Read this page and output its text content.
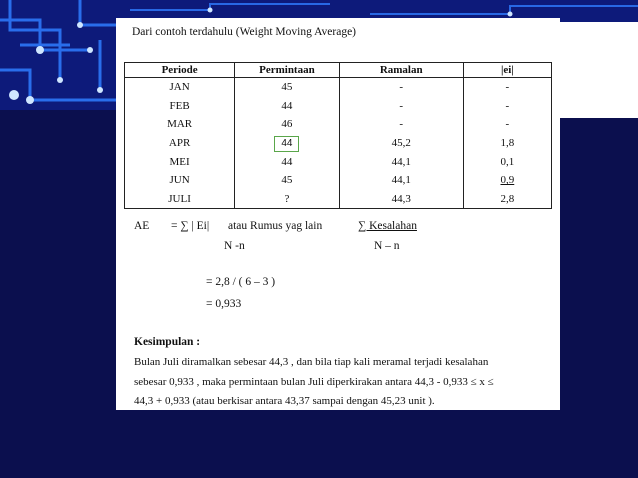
Dari contoh terdahulu (Weight Moving Average)
Periode	Permintaan	Ramalan	|ei|
JAN	45	-	-
FEB	44	-	-
MAR	46	-	-
APR	44	45,2	1,8
MEI	44	44,1	0,1
JUN	45	44,1	0,9
JULI	?	44,3	2,8
AE = ∑ | Ei| atau Rumus yag lain	∑ Kesalahan
N -n	N – n
= 2,8 / ( 6 – 3 )
= 0,933
Kesimpulan :
Bulan Juli diramalkan sebesar 44,3 , dan bila tiap kali meramal terjadi kesalahan
sebesar 0,933 , maka permintaan bulan Juli diperkirakan antara 44,3 - 0,933 ≤ x ≤
44,3 + 0,933 (atau berkisar antara 43,37 sampai dengan 45,23 unit ).
